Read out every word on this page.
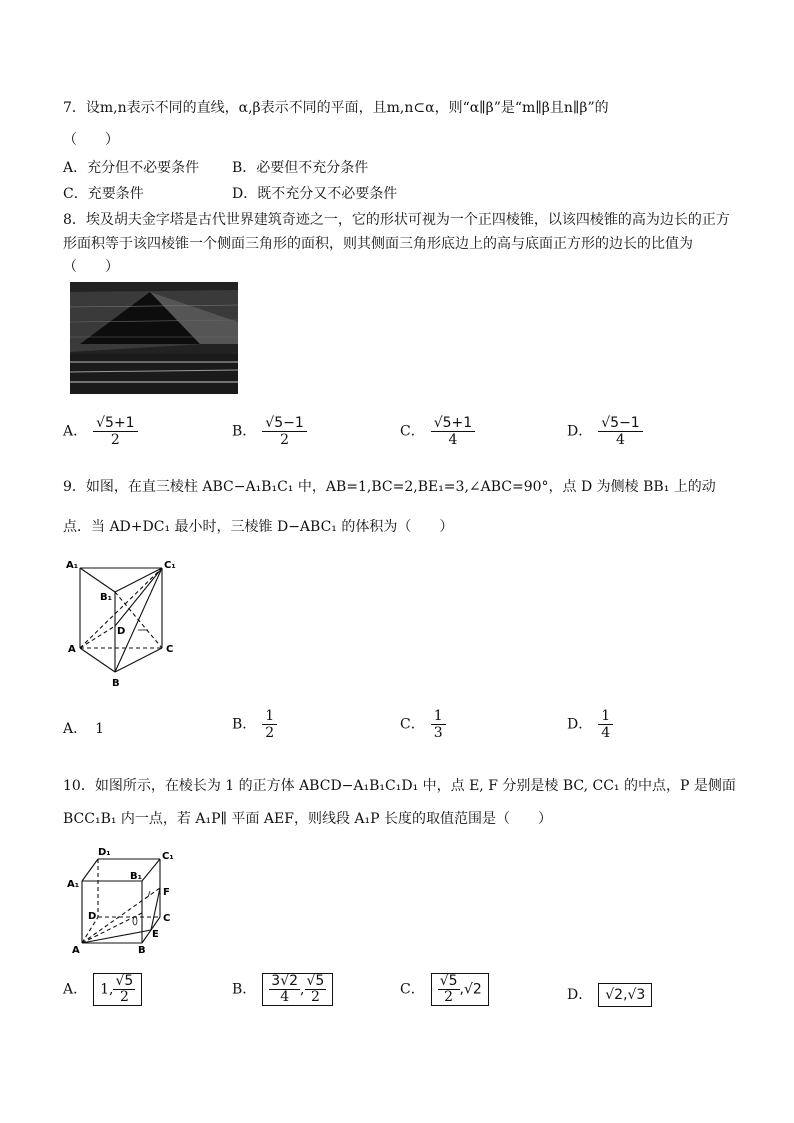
7．设m,n表示不同的直线，α,β表示不同的平面，且m,n⊂α，则“α∥β”是“m∥β且n∥β”的
（　　）
A．充分但不必要条件 B．必要但不充分条件
C．充要条件	D．既不充分又不必要条件
8．埃及胡夫金字塔是古代世界建筑奇迹之一，它的形状可视为一个正四棱锥，以该四棱锥的高为边长的正方
形面积等于该四棱锥一个侧面三角形的面积，则其侧面三角形底边上的高与底面正方形的边长的比值为
（　　）
A． $\frac{√5+1}{2}$	B． $\frac{√5-1}{2}$	C． $\frac{√5+1}{4}$	D． $\frac{√5-1}{4}$
9．如图，在直三棱柱 ABC−A₁B₁C₁ 中，AB=1,BC=2,BE₁=3,∠ABC=90°，点 D 为侧棱 BB₁ 上的动
点．当 AD+DC₁ 最小时，三棱锥 D−ABC₁ 的体积为（　　）
A₁	C₁
B₁
D
A	C
B
A． 1	B． $\frac{1}{2}$	C． $\frac{1}{3}$	D． $\frac{1}{4}$
10．如图所示，在棱长为 1 的正方体 ABCD−A₁B₁C₁D₁ 中，点 E, F 分别是棱 BC, CC₁ 的中点，P 是侧面
BCC₁B₁ 内一点，若 A₁P∥ 平面 AEF，则线段 A₁P 长度的取值范围是（　　）
D₁	C₁
A₁
B₁
F
D	C
E
A	B
A． 1, $\frac{√5}{2}$	B． $\frac{3√2}{4}$ , $\frac{√5}{2}$	C． $\frac{√5}{2} ,√2$	D． √2,√3
